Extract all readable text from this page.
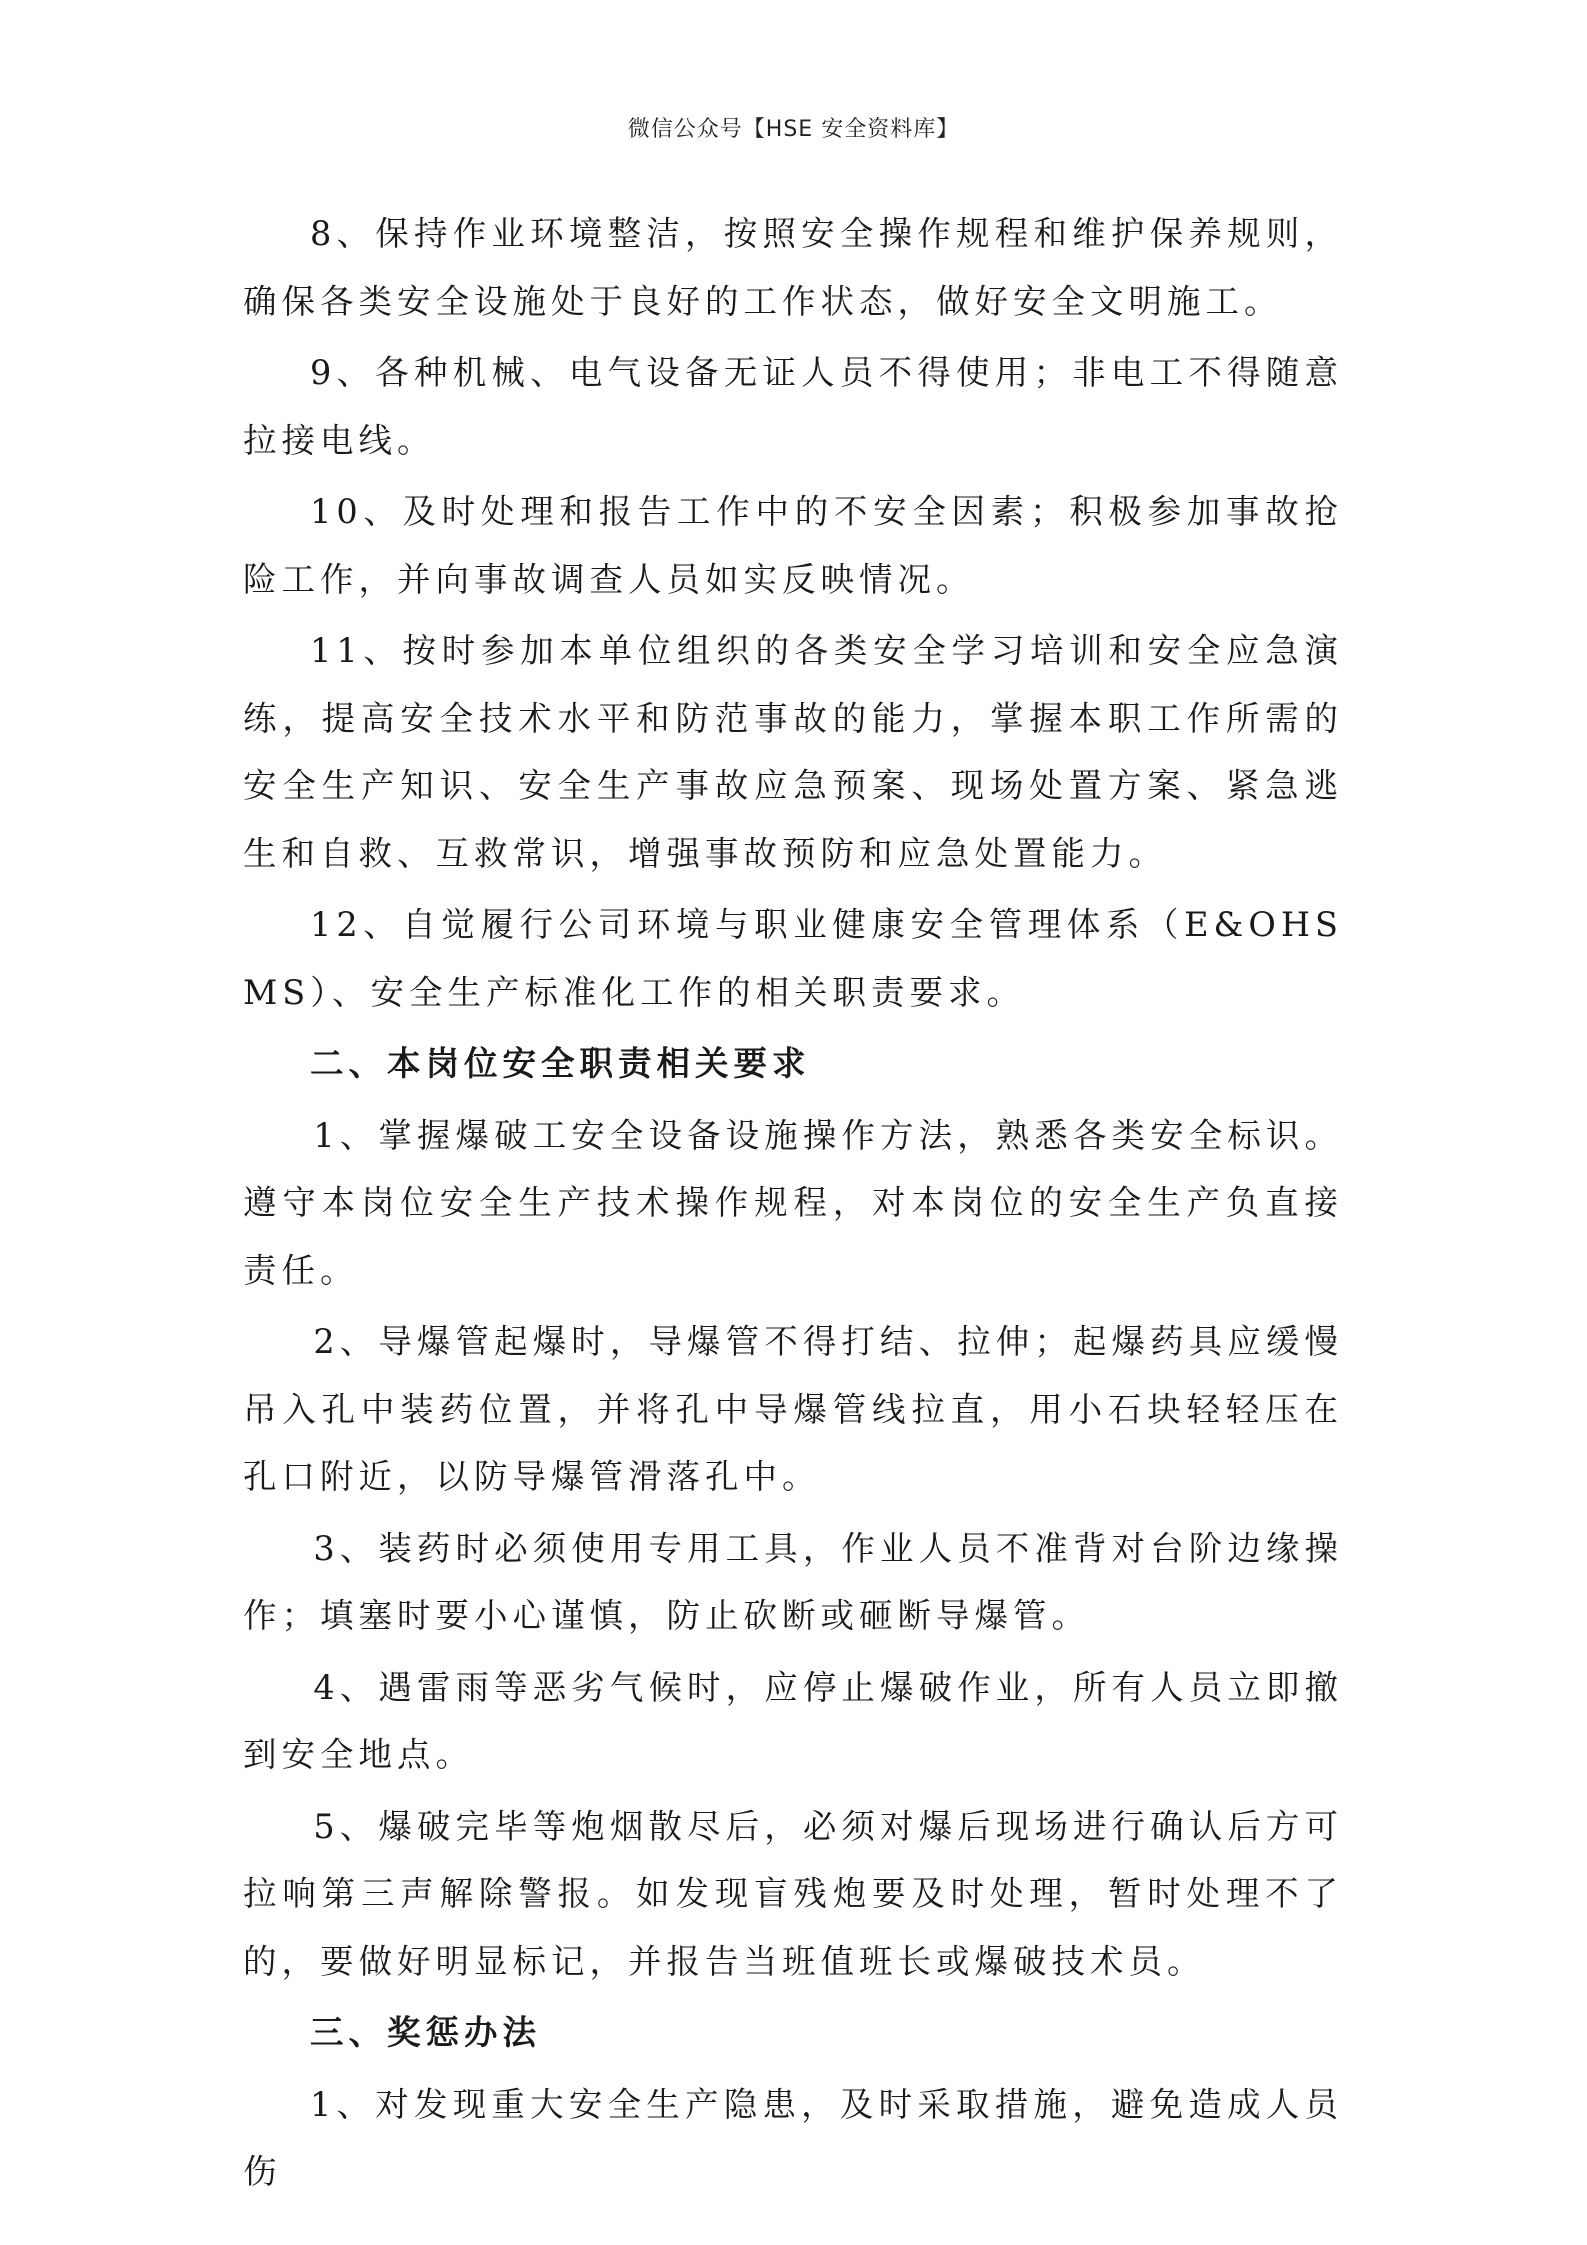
微信公众号【HSE 安全资料库】

8、保持作业环境整洁，按照安全操作规程和维护保养规则，确保各类安全设施处于良好的工作状态，做好安全文明施工。

9、各种机械、电气设备无证人员不得使用；非电工不得随意拉接电线。

10、及时处理和报告工作中的不安全因素；积极参加事故抢险工作，并向事故调查人员如实反映情况。

11、按时参加本单位组织的各类安全学习培训和安全应急演练，提高安全技术水平和防范事故的能力，掌握本职工作所需的安全生产知识、安全生产事故应急预案、现场处置方案、紧急逃生和自救、互救常识，增强事故预防和应急处置能力。

12、自觉履行公司环境与职业健康安全管理体系（E&OHSMS）、安全生产标准化工作的相关职责要求。

二、本岗位安全职责相关要求

1、掌握爆破工安全设备设施操作方法，熟悉各类安全标识。遵守本岗位安全生产技术操作规程，对本岗位的安全生产负直接责任。

2、导爆管起爆时，导爆管不得打结、拉伸；起爆药具应缓慢吊入孔中装药位置，并将孔中导爆管线拉直，用小石块轻轻压在孔口附近，以防导爆管滑落孔中。

3、装药时必须使用专用工具，作业人员不准背对台阶边缘操作；填塞时要小心谨慎，防止砍断或砸断导爆管。

4、遇雷雨等恶劣气候时，应停止爆破作业，所有人员立即撤到安全地点。

5、爆破完毕等炮烟散尽后，必须对爆后现场进行确认后方可拉响第三声解除警报。如发现盲残炮要及时处理，暂时处理不了的，要做好明显标记，并报告当班值班长或爆破技术员。

三、奖惩办法

1、对发现重大安全生产隐患，及时采取措施，避免造成人员伤
